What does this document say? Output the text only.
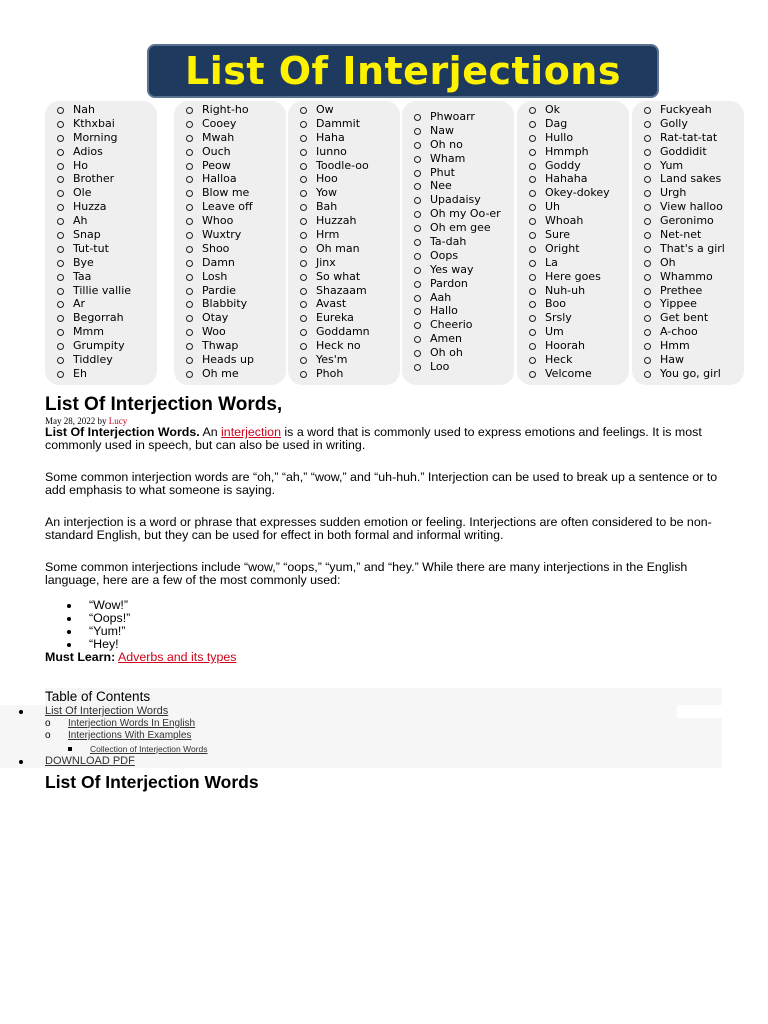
List Of Interjections
Nah
Kthxbai
Morning
Adios
Ho
Brother
Ole
Huzza
Ah
Snap
Tut-tut
Bye
Taa
Tillie vallie
Ar
Begorrah
Mmm
Grumpity
Tiddley
Eh
Right-ho
Cooey
Mwah
Ouch
Peow
Halloa
Blow me
Leave off
Whoo
Wuxtry
Shoo
Damn
Losh
Pardie
Blabbity
Otay
Woo
Thwap
Heads up
Oh me
Ow
Dammit
Haha
Iunno
Toodle-oo
Hoo
Yow
Bah
Huzzah
Hrm
Oh man
Jinx
So what
Shazaam
Avast
Eureka
Goddamn
Heck no
Yes'm
Phoh
Phwoarr
Naw
Oh no
Wham
Phut
Nee
Upadaisy
Oh my Oo-er
Oh em gee
Ta-dah
Oops
Yes way
Pardon
Aah
Hallo
Cheerio
Amen
Oh oh
Loo
Ok
Dag
Hullo
Hmmph
Goddy
Hahaha
Okey-dokey
Uh
Whoah
Sure
Oright
La
Here goes
Nuh-uh
Boo
Srsly
Um
Hoorah
Heck
Velcome
Fuckyeah
Golly
Rat-tat-tat
Goddidit
Yum
Land sakes
Urgh
View halloo
Geronimo
Net-net
That's a girl
Oh
Whammo
Prethee
Yippee
Get bent
A-choo
Hmm
Haw
You go, girl
List Of Interjection Words,

May 28, 2022 by Lucy

List Of Interjection Words. An interjection is a word that is commonly used to express emotions and feelings. It is most commonly used in speech, but can also be used in writing.

Some common interjection words are “oh,” “ah,” “wow,” and “uh-huh.” Interjection can be used to break up a sentence or to add emphasis to what someone is saying.

An interjection is a word or phrase that expresses sudden emotion or feeling. Interjections are often considered to be non-standard English, but they can be used for effect in both formal and informal writing.

Some common interjections include “wow,” “oops,” “yum,” and “hey.” While there are many interjections in the English language, here are a few of the most commonly used:

“Wow!”
“Oops!”
“Yum!”
“Hey!

Must Learn: Adverbs and its types

Table of Contents

List Of Interjection Words
o Interjection Words In English
o Interjections With Examples
Collection of Interjection Words
DOWNLOAD PDF
List Of Interjection Words
